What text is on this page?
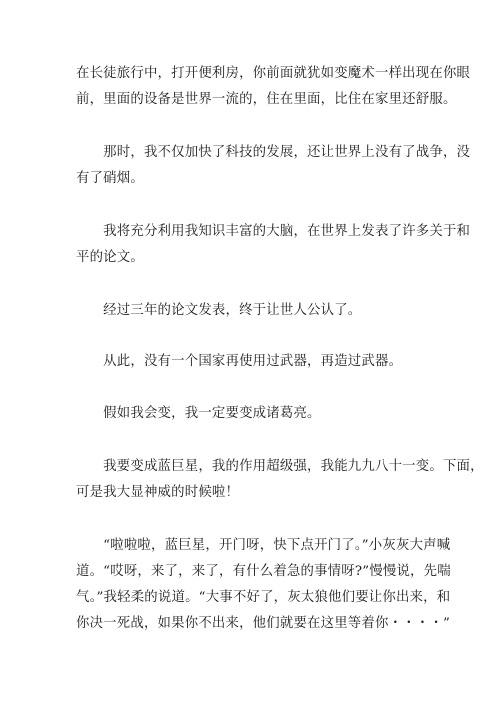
在长徒旅行中，打开便利房，你前面就犹如变魔术一样出现在你眼
前，里面的设备是世界一流的，住在里面，比住在家里还舒服。

　　那时，我不仅加快了科技的发展，还让世界上没有了战争，没
有了硝烟。

　　我将充分利用我知识丰富的大脑，在世界上发表了许多关于和
平的论文。

　　经过三年的论文发表，终于让世人公认了。

　　从此，没有一个国家再使用过武器，再造过武器。

　　假如我会变，我一定要变成诸葛亮。

　　我要变成蓝巨星，我的作用超级强，我能九九八十一变。下面，
可是我大显神威的时候啦！

　　“啦啦啦，蓝巨星，开门呀，快下点开门了。”小灰灰大声喊
道。“哎呀，来了，来了，有什么着急的事情呀?”慢慢说，先喘
气。”我轻柔的说道。“大事不好了，灰太狼他们要让你出来，和
你决一死战，如果你不出来，他们就要在这里等着你・・・・”
